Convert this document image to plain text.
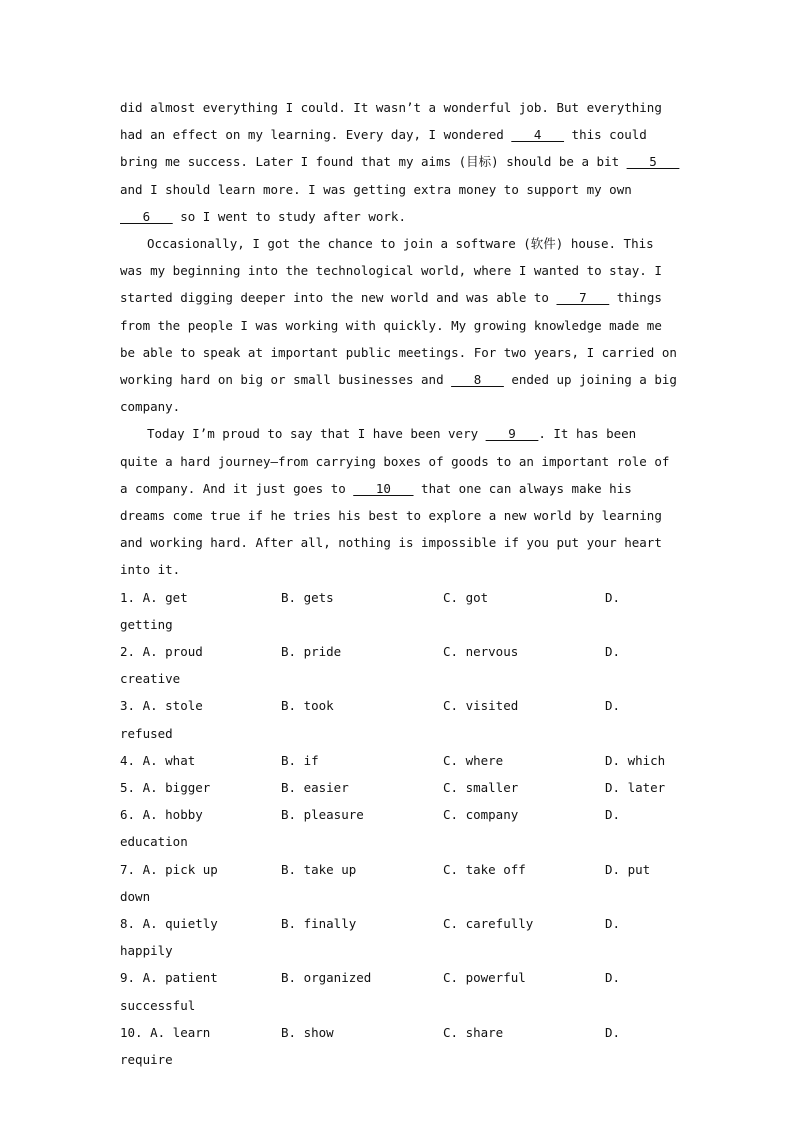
did almost everything I could. It wasn’t a wonderful job. But everything had an effect on my learning. Every day, I wondered ___4___ this could bring me success. Later I found that my aims (目标) should be a bit ___5___ and I should learn more. I was getting extra money to support my own ___6___ so I went to study after work.

Occasionally, I got the chance to join a software (软件) house. This was my beginning into the technological world, where I wanted to stay. I started digging deeper into the new world and was able to ___7___ things from the people I was working with quickly. My growing knowledge made me be able to speak at important public meetings. For two years, I carried on working hard on big or small businesses and ___8___ ended up joining a big company.

Today I’m proud to say that I have been very ___9___. It has been quite a hard journey—from carrying boxes of goods to an important role of a company. And it just goes to ___10___ that one can always make his dreams come true if he tries his best to explore a new world by learning and working hard. After all, nothing is impossible if you put your heart into it.

1. A. get	B. gets	C. got	D.
getting
2. A. proud	B. pride	C. nervous	D.
creative
3. A. stole	B. took	C. visited	D.
refused
4. A. what	B. if	C. where	D. which
5. A. bigger	B. easier	C. smaller	D. later
6. A. hobby	B. pleasure	C. company	D.
education
7. A. pick up	B. take up	C. take off	D. put
down
8. A. quietly	B. finally	C. carefully	D.
happily
9. A. patient	B. organized	C. powerful	D.
successful
10. A. learn	B. show	C. share	D.
require
